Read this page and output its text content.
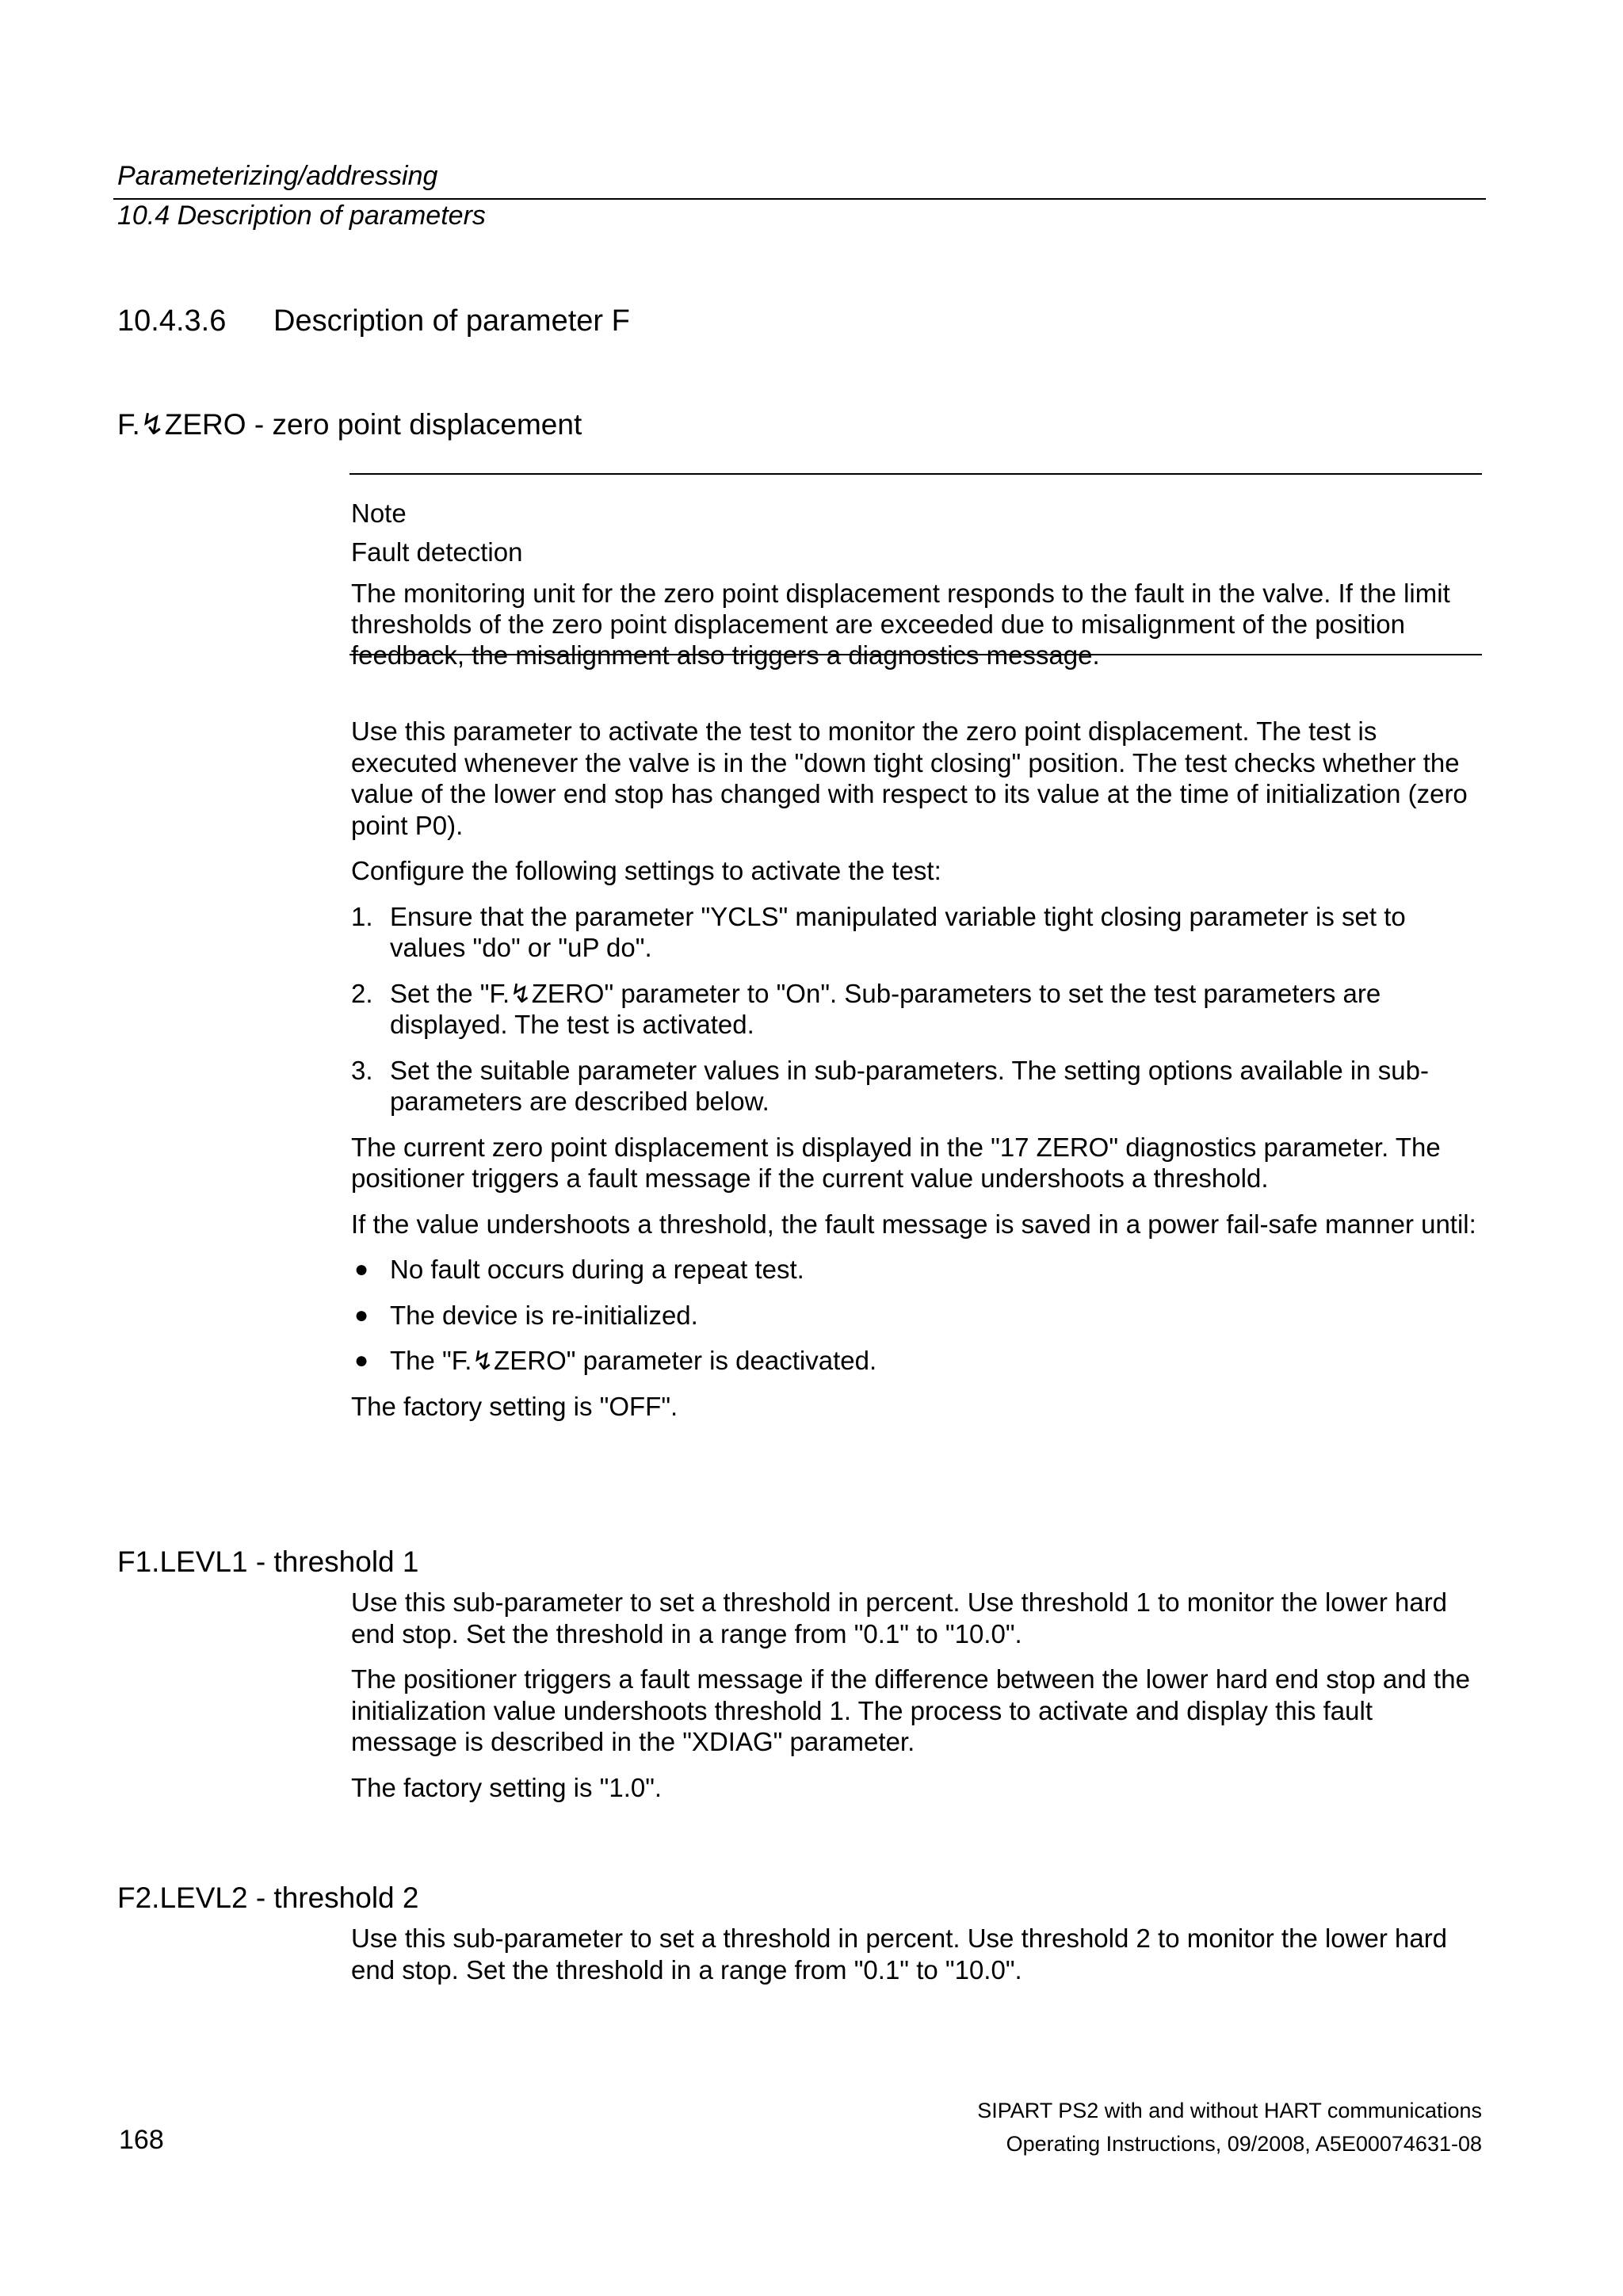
Parameterizing/addressing
10.4 Description of parameters
10.4.3.6 Description of parameter F
F.↯ZERO - zero point displacement
Note
Fault detection
The monitoring unit for the zero point displacement responds to the fault in the valve. If the limit thresholds of the zero point displacement are exceeded due to misalignment of the position feedback, the misalignment also triggers a diagnostics message.

Use this parameter to activate the test to monitor the zero point displacement. The test is executed whenever the valve is in the "down tight closing" position. The test checks whether the value of the lower end stop has changed with respect to its value at the time of initialization (zero point P0).

Configure the following settings to activate the test:

1. Ensure that the parameter "YCLS" manipulated variable tight closing parameter is set to values "do" or "uP do".
2. Set the "F.↯ZERO" parameter to "On". Sub-parameters to set the test parameters are displayed. The test is activated.
3. Set the suitable parameter values in sub-parameters. The setting options available in sub-parameters are described below.

The current zero point displacement is displayed in the "17 ZERO" diagnostics parameter. The positioner triggers a fault message if the current value undershoots a threshold.

If the value undershoots a threshold, the fault message is saved in a power fail-safe manner until:

● No fault occurs during a repeat test.
● The device is re-initialized.
● The "F.↯ZERO" parameter is deactivated.

The factory setting is "OFF".

F1.LEVL1 - threshold 1

Use this sub-parameter to set a threshold in percent. Use threshold 1 to monitor the lower hard end stop. Set the threshold in a range from "0.1" to "10.0".

The positioner triggers a fault message if the difference between the lower hard end stop and the initialization value undershoots threshold 1. The process to activate and display this fault message is described in the "XDIAG" parameter.

The factory setting is "1.0".

F2.LEVL2 - threshold 2

Use this sub-parameter to set a threshold in percent. Use threshold 2 to monitor the lower hard end stop. Set the threshold in a range from "0.1" to "10.0".

SIPART PS2 with and without HART communications
Operating Instructions, 09/2008, A5E00074631-08
168
